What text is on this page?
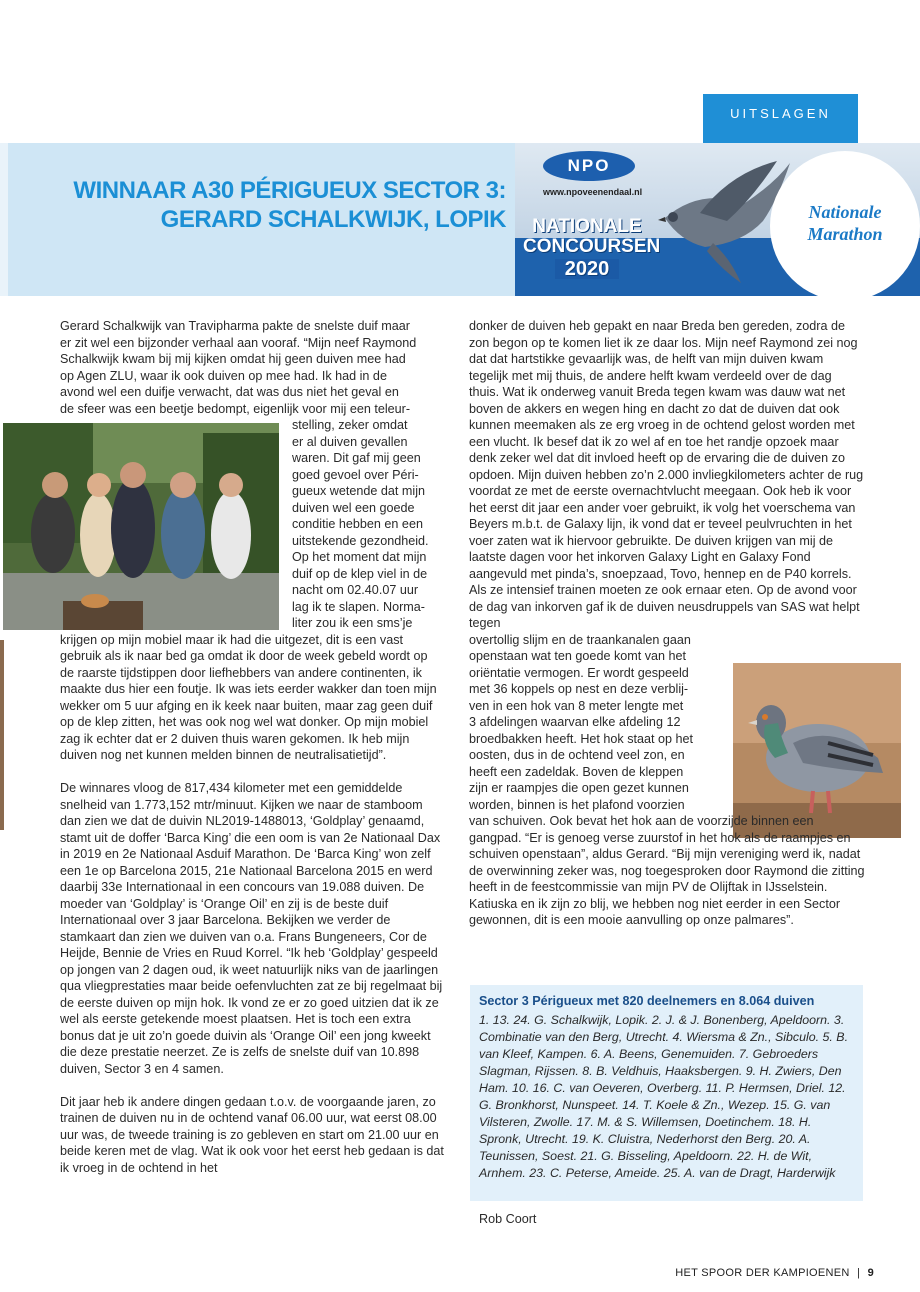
UITSLAGEN
WINNAAR A30 PÉRIGUEUX SECTOR 3:
GERARD SCHALKWIJK, LOPIK
NPO
www.npoveenendaal.nl
NATIONALE
CONCOURSEN
2020
Nationale
Marathon
Gerard Schalkwijk van Travipharma pakte de snelste duif maar
er zit wel een bijzonder verhaal aan vooraf. “Mijn neef Raymond
Schalkwijk kwam bij mij kijken omdat hij geen duiven mee had
op Agen ZLU, waar ik ook duiven op mee had. Ik had in de
avond wel een duifje verwacht, dat was dus niet het geval en
de sfeer was een beetje bedompt, eigenlijk voor mij een teleur-
stelling, zeker omdat
er al duiven gevallen
waren. Dit gaf mij geen
goed gevoel over Péri-
gueux wetende dat mijn
duiven wel een goede
conditie hebben en een
uitstekende gezondheid.
Op het moment dat mijn
duif op de klep viel in de
nacht om 02.40.07 uur
lag ik te slapen. Norma-
liter zou ik een sms’je

krijgen op mijn mobiel maar ik had die uitgezet, dit is een vast gebruik als ik naar bed ga omdat ik door de week gebeld wordt op de raarste tijdstippen door liefhebbers van andere continenten, ik maakte dus hier een foutje. Ik was iets eerder wakker dan toen mijn wekker om 5 uur afging en ik keek naar buiten, maar zag geen duif op de klep zitten, het was ook nog wel wat donker. Op mijn mobiel zag ik echter dat er 2 duiven thuis waren gekomen. Ik heb mijn duiven nog net kunnen melden binnen de neutralisatietijd”.

De winnares vloog de 817,434 kilometer met een gemiddelde snelheid van 1.773,152 mtr/minuut. Kijken we naar de stamboom dan zien we dat de duivin NL2019-1488013, ‘Goldplay’ genaamd, stamt uit de doffer ‘Barca King’ die een oom is van 2e Nationaal Dax in 2019 en 2e Nationaal Asduif Marathon. De ‘Barca King’ won zelf een 1e op Barcelona 2015, 21e Nationaal Barcelona 2015 en werd daarbij 33e Internationaal in een concours van 19.088 duiven. De moeder van ‘Goldplay’ is ‘Orange Oil’ en zij is de beste duif Internationaal over 3 jaar Barcelona. Bekijken we verder de stamkaart dan zien we duiven van o.a. Frans Bungeneers, Cor de Heijde, Bennie de Vries en Ruud Korrel. “Ik heb ‘Goldplay’ gespeeld op jongen van 2 dagen oud, ik weet natuurlijk niks van de jaarlingen qua vliegprestaties maar beide oefenvluchten zat ze bij regelmaat bij de eerste duiven op mijn hok. Ik vond ze er zo goed uitzien dat ik ze wel als eerste getekende moest plaatsen. Het is toch een extra bonus dat je uit zo’n goede duivin als ‘Orange Oil’ een jong kweekt die deze prestatie neerzet. Ze is zelfs de snelste duif van 10.898 duiven, Sector 3 en 4 samen.

Dit jaar heb ik andere dingen gedaan t.o.v. de voorgaande jaren, zo trainen de duiven nu in de ochtend vanaf 06.00 uur, wat eerst 08.00 uur was, de tweede training is zo gebleven en start om 21.00 uur en beide keren met de vlag. Wat ik ook voor het eerst heb gedaan is dat ik vroeg in de ochtend in het

donker de duiven heb gepakt en naar Breda ben gereden, zodra de zon begon op te komen liet ik ze daar los. Mijn neef Raymond zei nog dat dat hartstikke gevaarlijk was, de helft van mijn duiven kwam tegelijk met mij thuis, de andere helft kwam verdeeld over de dag thuis. Wat ik onderweg vanuit Breda tegen kwam was dauw wat net boven de akkers en wegen hing en dacht zo dat de duiven dat ook kunnen meemaken als ze erg vroeg in de ochtend gelost worden met een vlucht. Ik besef dat ik zo wel af en toe het randje opzoek maar denk zeker wel dat dit invloed heeft op de ervaring die de duiven zo opdoen. Mijn duiven hebben zo’n 2.000 invliegkilometers achter de rug voordat ze met de eerste overnachtvlucht meegaan. Ook heb ik voor het eerst dit jaar een ander voer gebruikt, ik volg het voerschema van Beyers m.b.t. de Galaxy lijn, ik vond dat er teveel peulvruchten in het voer zaten wat ik hiervoor gebruikte. De duiven krijgen van mij de laatste dagen voor het inkorven Galaxy Light en Galaxy Fond aangevuld met pinda’s, snoepzaad, Tovo, hennep en de P40 korrels. Als ze intensief trainen moeten ze ook ernaar eten. Op de avond voor de dag van inkorven gaf ik de duiven neusdruppels van SAS wat helpt tegen
overtollig slijm en de traankanalen gaan
openstaan wat ten goede komt van het
oriëntatie vermogen. Er wordt gespeeld
met 36 koppels op nest en deze verblij-
ven in een hok van 8 meter lengte met
3 afdelingen waarvan elke afdeling 12
broedbakken heeft. Het hok staat op het
oosten, dus in de ochtend veel zon, en
heeft een zadeldak. Boven de kleppen
zijn er raampjes die open gezet kunnen
worden, binnen is het plafond voorzien
van schuiven. Ook bevat het hok aan de voorzijde binnen een gangpad. “Er is genoeg verse zuurstof in het hok als de raampjes en schuiven openstaan”, aldus Gerard. “Bij mijn vereniging werd ik, nadat de overwinning zeker was, nog toegesproken door Raymond die zitting heeft in de feestcommissie van mijn PV de Olijftak in IJsselstein. Katiuska en ik zijn zo blij, we hebben nog niet eerder in een Sector gewonnen, dit is een mooie aanvulling op onze palmares”.
Sector 3 Périgueux met 820 deelnemers en 8.064 duiven
1. 13. 24. G. Schalkwijk, Lopik. 2. J. & J. Bonenberg, Apeldoorn. 3. Combinatie van den Berg, Utrecht. 4. Wiersma & Zn., Sibculo. 5. B. van Kleef, Kampen. 6. A. Beens, Genemuiden. 7. Gebroeders Slagman, Rijssen. 8. B. Veldhuis, Haaksbergen. 9. H. Zwiers, Den Ham. 10. 16. C. van Oeveren, Overberg. 11. P. Hermsen, Driel. 12. G. Bronkhorst, Nunspeet. 14. T. Koele & Zn., Wezep. 15. G. van Vilsteren, Zwolle. 17. M. & S. Willemsen, Doetinchem. 18. H. Spronk, Utrecht. 19. K. Cluistra, Nederhorst den Berg. 20. A. Teunissen, Soest. 21. G. Bisseling, Apeldoorn. 22. H. de Wit, Arnhem. 23. C. Peterse, Ameide. 25. A. van de Dragt, Harderwijk
Rob Coort
HET SPOOR DER KAMPIOENEN | 9
